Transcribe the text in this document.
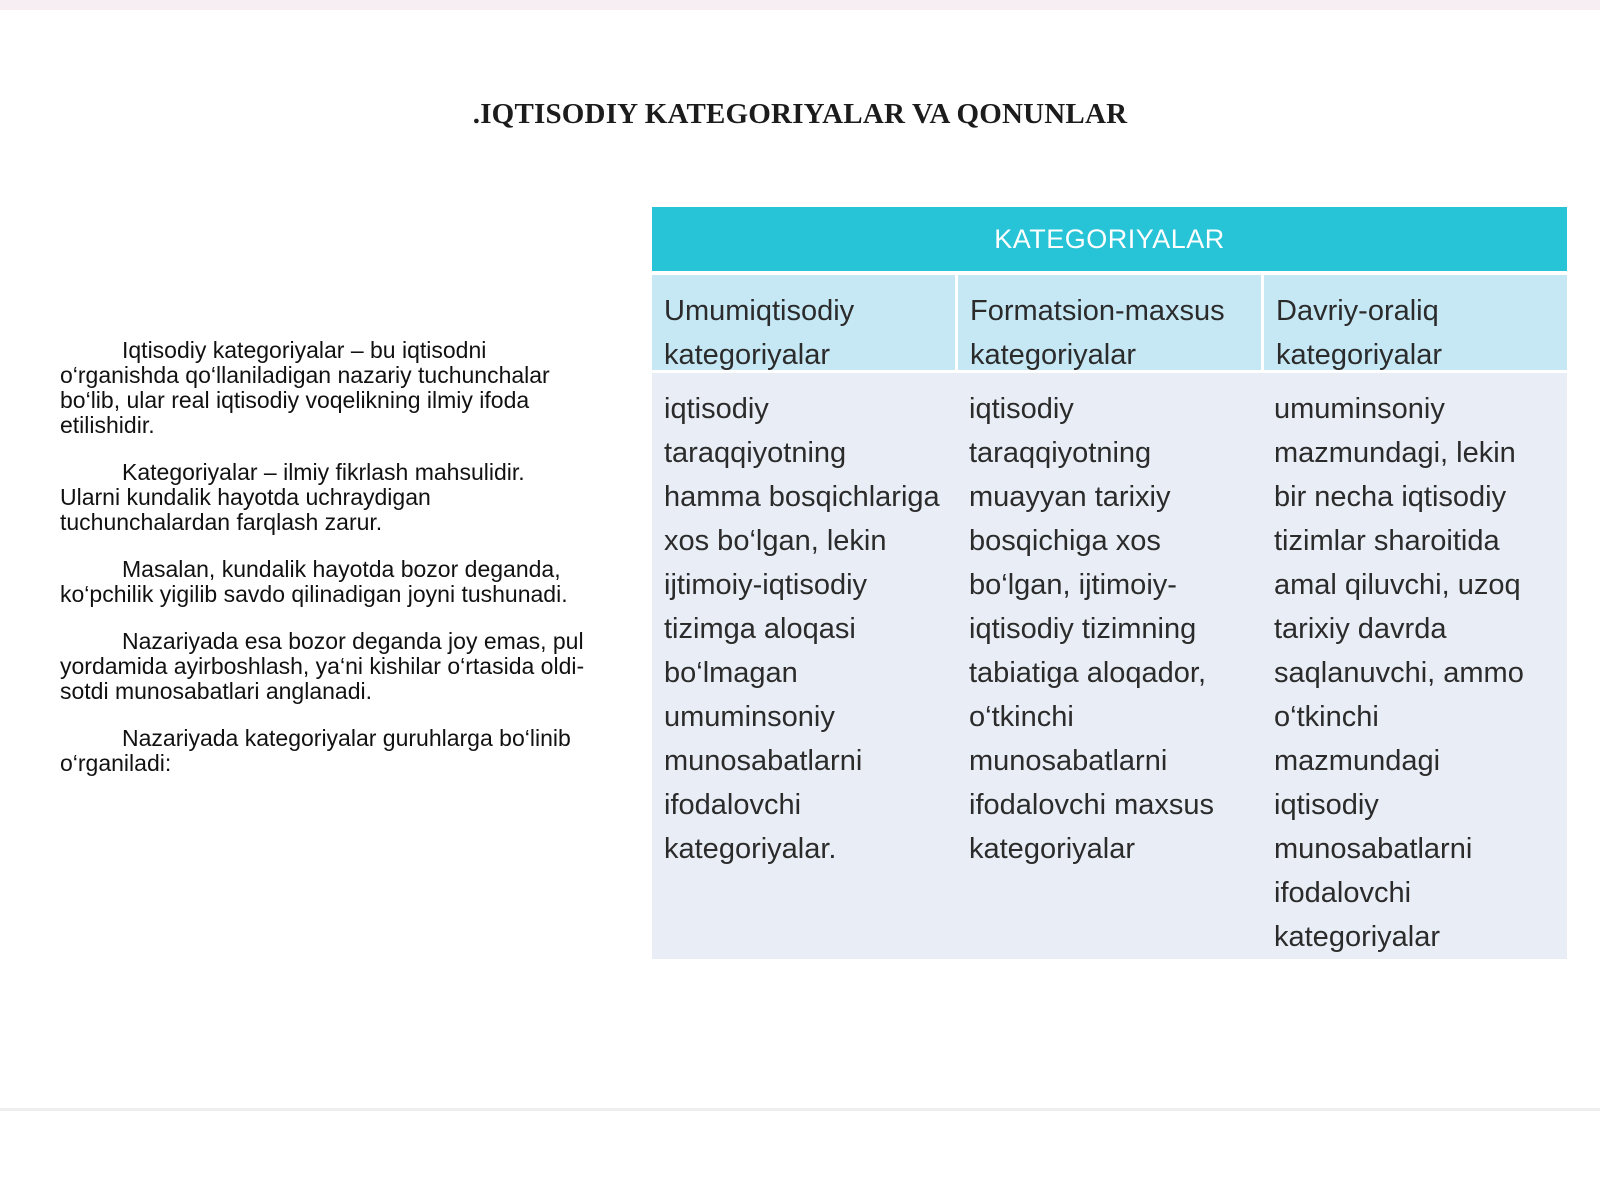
.IQTISODIY KATEGORIYALAR VA QONUNLAR

Iqtisodiy kategoriyalar – bu iqtisodni o‘rganishda qo‘llaniladigan nazariy tuchunchalar bo‘lib, ular real iqtisodiy voqelikning ilmiy ifoda etilishidir.

Kategoriyalar – ilmiy fikrlash mahsulidir. Ularni kundalik hayotda uchraydigan tuchunchalardan farqlash zarur.

Masalan, kundalik hayotda bozor deganda, ko‘pchilik yigilib savdo qilinadigan joyni tushunadi.

Nazariyada esa bozor deganda joy emas, pul yordamida ayirboshlash, ya‘ni kishilar o‘rtasida oldi-sotdi munosabatlari anglanadi.

Nazariyada kategoriyalar guruhlarga bo‘linib o‘rganiladi:

KATEGORIYALAR
Umumiqtisodiy
kategoriyalar
Formatsion-maxsus
kategoriyalar
Davriy-oraliq
kategoriyalar
iqtisodiy
taraqqiyotning
hamma bosqichlariga
xos bo‘lgan, lekin
ijtimoiy-iqtisodiy
tizimga aloqasi
bo‘lmagan
umuminsoniy
munosabatlarni
ifodalovchi
kategoriyalar.
iqtisodiy
taraqqiyotning
muayyan tarixiy
bosqichiga xos
bo‘lgan, ijtimoiy-
iqtisodiy tizimning
tabiatiga aloqador,
o‘tkinchi
munosabatlarni
ifodalovchi maxsus
kategoriyalar
umuminsoniy
mazmundagi, lekin
bir necha iqtisodiy
tizimlar sharoitida
amal qiluvchi, uzoq
tarixiy davrda
saqlanuvchi, ammo
o‘tkinchi
mazmundagi
iqtisodiy
munosabatlarni
ifodalovchi
kategoriyalar
